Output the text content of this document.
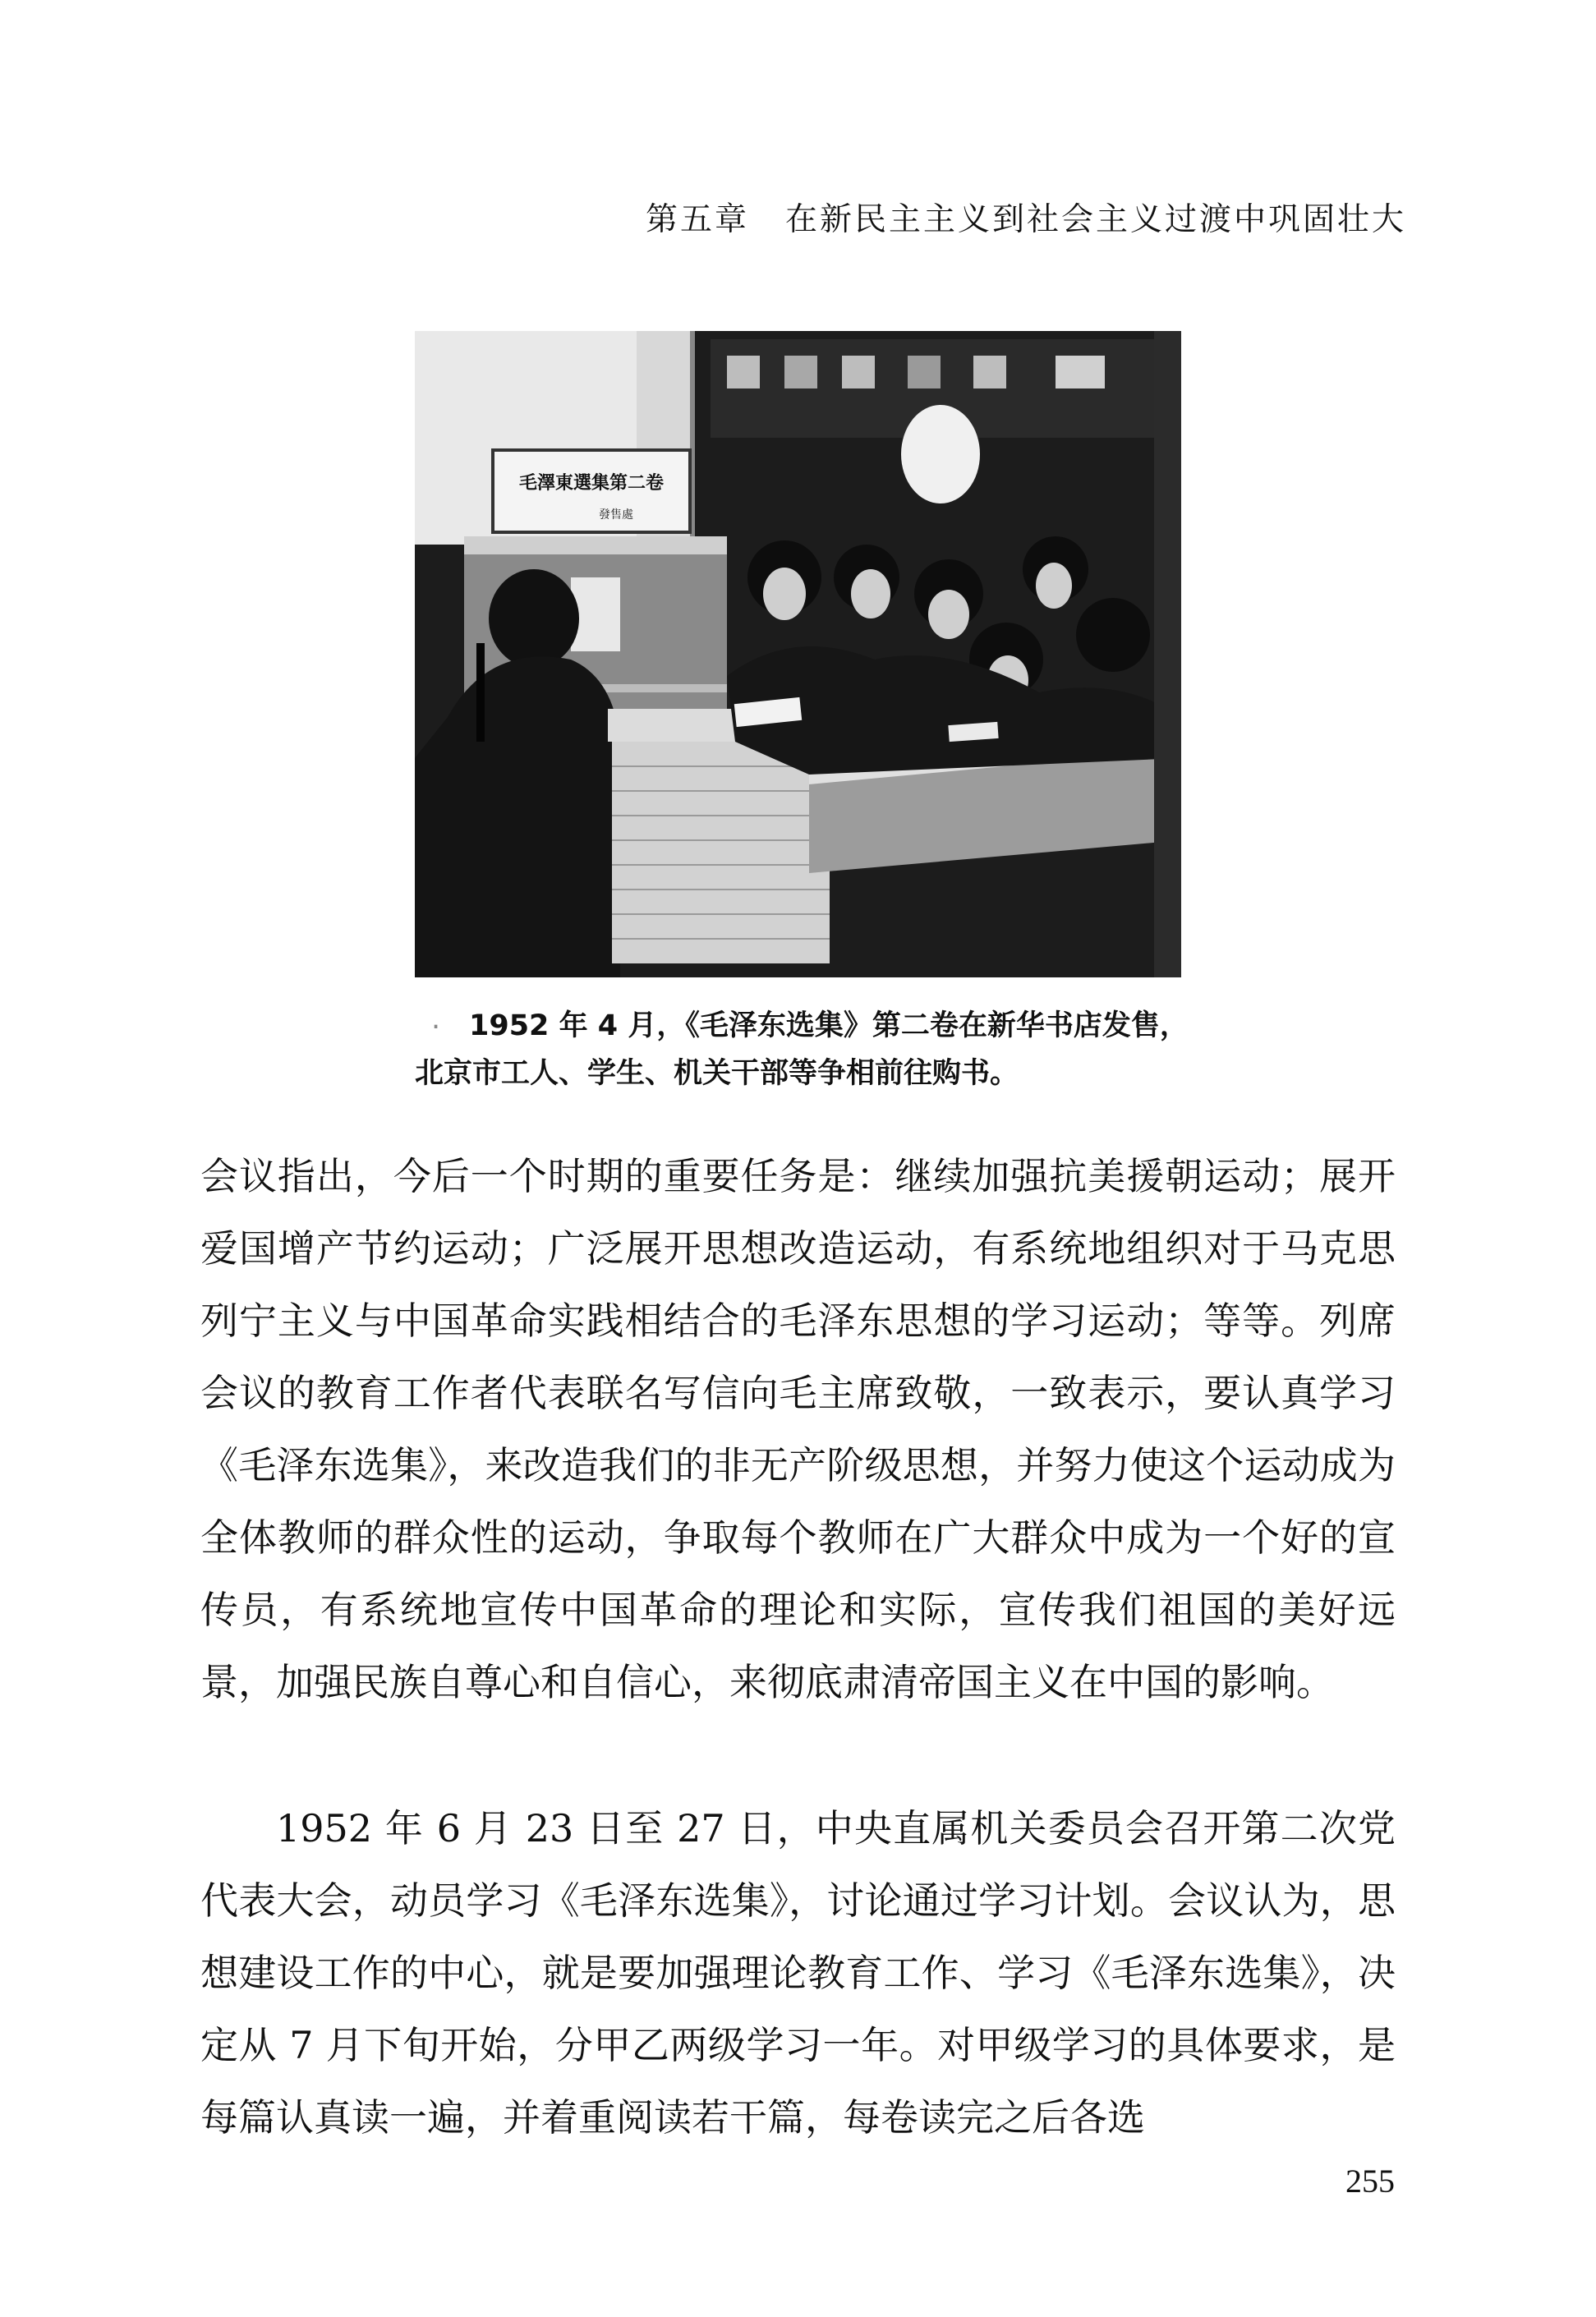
第五章 在新民主主义到社会主义过渡中巩固壮大
毛澤東選集第二卷
發售處
· 1952 年 4 月，《毛泽东选集》第二卷在新华书店发售，
北京市工人、学生、机关干部等争相前往购书。

会议指出，今后一个时期的重要任务是：继续加强抗美援朝运动；展开爱国增产节约运动；广泛展开思想改造运动，有系统地组织对于马克思列宁主义与中国革命实践相结合的毛泽东思想的学习运动；等等。列席会议的教育工作者代表联名写信向毛主席致敬，一致表示，要认真学习《毛泽东选集》，来改造我们的非无产阶级思想，并努力使这个运动成为全体教师的群众性的运动，争取每个教师在广大群众中成为一个好的宣传员，有系统地宣传中国革命的理论和实际，宣传我们祖国的美好远景，加强民族自尊心和自信心，来彻底肃清帝国主义在中国的影响。

1952 年 6 月 23 日至 27 日，中央直属机关委员会召开第二次党代表大会，动员学习《毛泽东选集》，讨论通过学习计划。会议认为，思想建设工作的中心，就是要加强理论教育工作、学习《毛泽东选集》，决定从 7 月下旬开始，分甲乙两级学习一年。对甲级学习的具体要求，是每篇认真读一遍，并着重阅读若干篇，每卷读完之后各选

255
